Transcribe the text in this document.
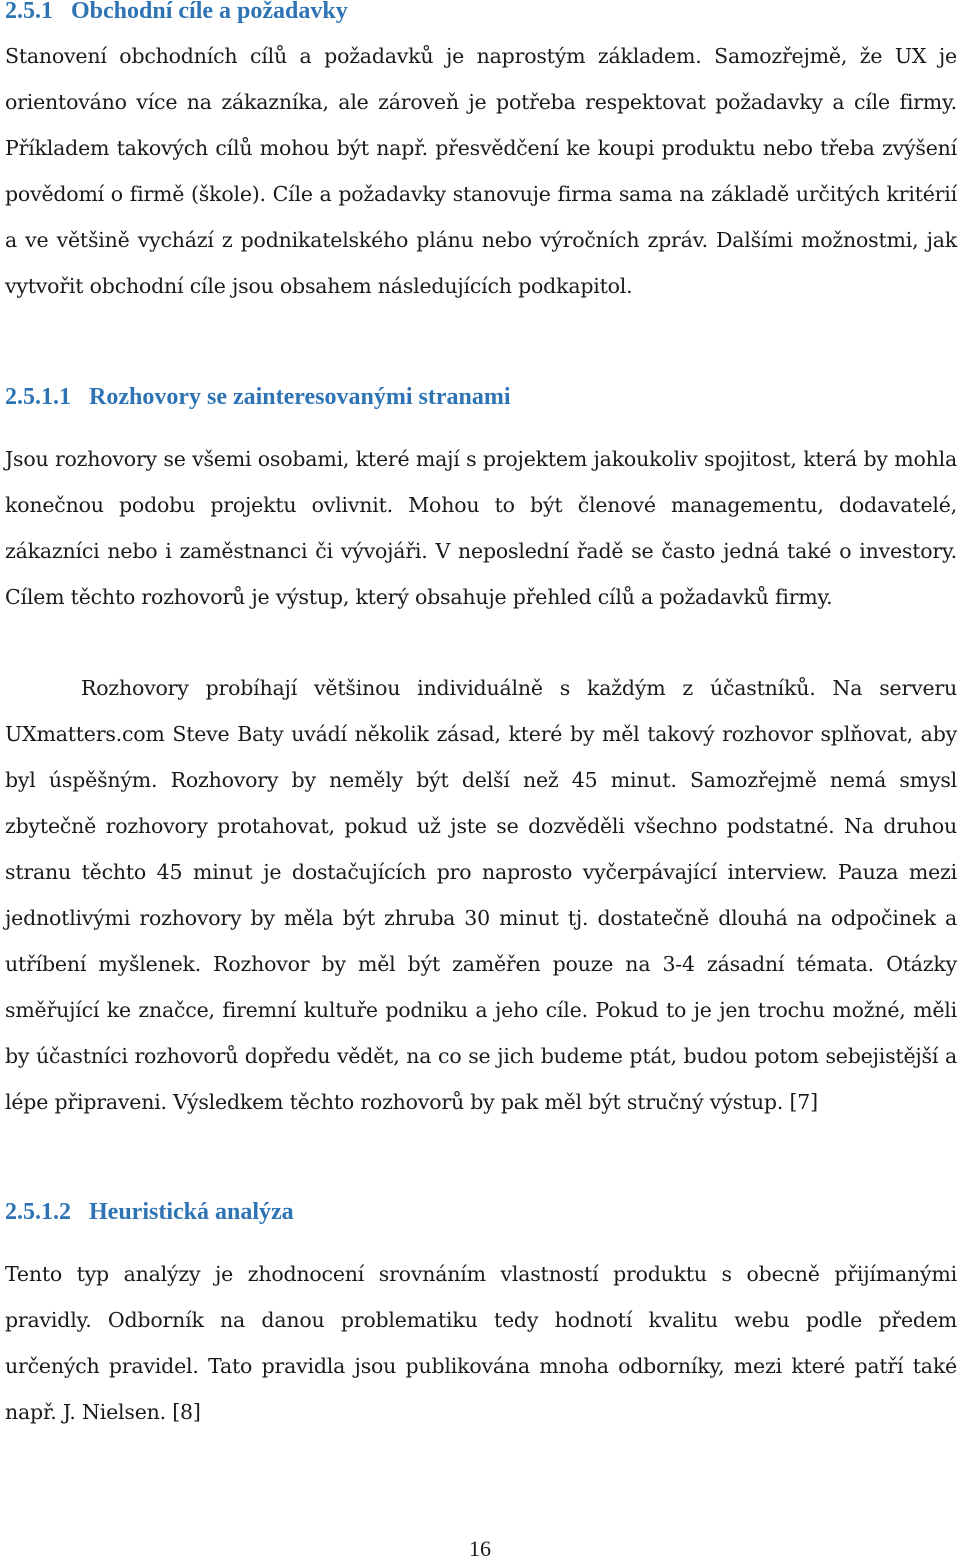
2.5.1 Obchodní cíle a požadavky

Stanovení obchodních cílů a požadavků je naprostým základem. Samozřejmě, že UX je orientováno více na zákazníka, ale zároveň je potřeba respektovat požadavky a cíle firmy. Příkladem takových cílů mohou být např. přesvědčení ke koupi produktu nebo třeba zvýšení povědomí o firmě (škole). Cíle a požadavky stanovuje firma sama na základě určitých kritérií a ve většině vychází z podnikatelského plánu nebo výročních zpráv. Dalšími možnostmi, jak vytvořit obchodní cíle jsou obsahem následujících podkapitol.

2.5.1.1 Rozhovory se zainteresovanými stranami

Jsou rozhovory se všemi osobami, které mají s projektem jakoukoliv spojitost, která by mohla konečnou podobu projektu ovlivnit. Mohou to být členové managementu, dodavatelé, zákazníci nebo i zaměstnanci či vývojáři. V neposlední řadě se často jedná také o investory. Cílem těchto rozhovorů je výstup, který obsahuje přehled cílů a požadavků firmy.

Rozhovory probíhají většinou individuálně s každým z účastníků. Na serveru UXmatters.com Steve Baty uvádí několik zásad, které by měl takový rozhovor splňovat, aby byl úspěšným. Rozhovory by neměly být delší než 45 minut. Samozřejmě nemá smysl zbytečně rozhovory protahovat, pokud už jste se dozvěděli všechno podstatné. Na druhou stranu těchto 45 minut je dostačujících pro naprosto vyčerpávající interview. Pauza mezi jednotlivými rozhovory by měla být zhruba 30 minut tj. dostatečně dlouhá na odpočinek a utříbení myšlenek. Rozhovor by měl být zaměřen pouze na 3-4 zásadní témata. Otázky směřující ke značce, firemní kultuře podniku a jeho cíle. Pokud to je jen trochu možné, měli by účastníci rozhovorů dopředu vědět, na co se jich budeme ptát, budou potom sebejistější a lépe připraveni. Výsledkem těchto rozhovorů by pak měl být stručný výstup. [7]

2.5.1.2 Heuristická analýza

Tento typ analýzy je zhodnocení srovnáním vlastností produktu s obecně přijímanými pravidly. Odborník na danou problematiku tedy hodnotí kvalitu webu podle předem určených pravidel. Tato pravidla jsou publikována mnoha odborníky, mezi které patří také např. J. Nielsen. [8]

16
